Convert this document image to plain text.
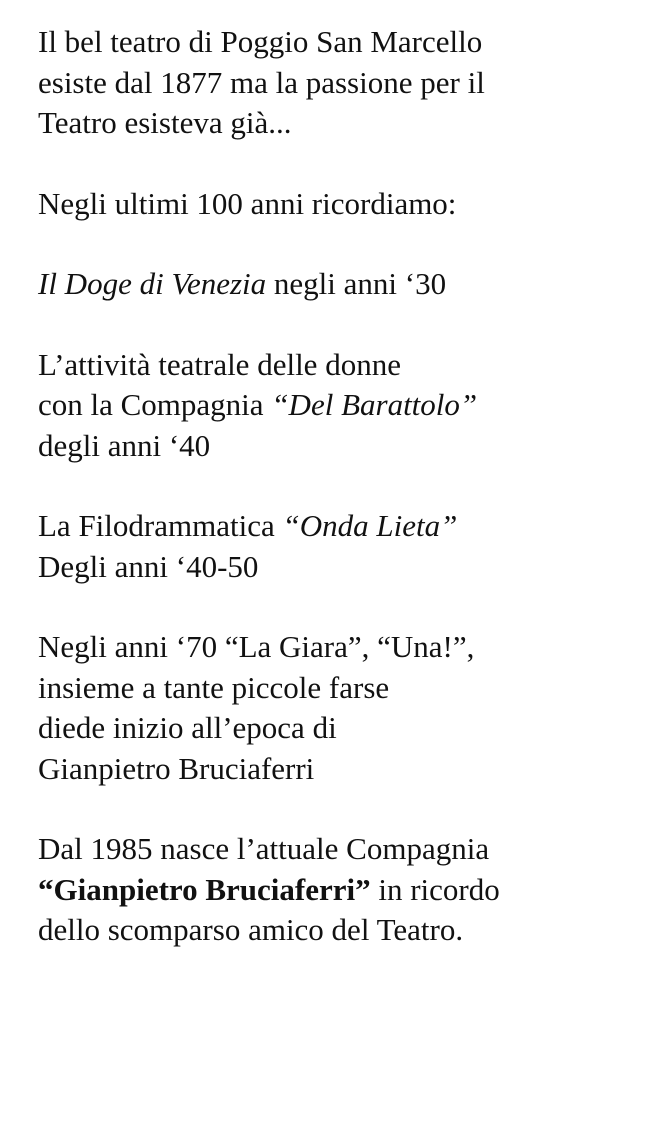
Il bel teatro di Poggio San Marcello
esiste dal 1877 ma la passione per il
Teatro esisteva già...

Negli ultimi 100 anni ricordiamo:

Il Doge di Venezia negli anni ‘30

L’attività teatrale delle donne
con la Compagnia “Del Barattolo”
degli anni ‘40

La Filodrammatica “Onda Lieta”
Degli anni ‘40-50

Negli anni ‘70 “La Giara”, “Una!”,
insieme a tante piccole farse
diede inizio all’epoca di
Gianpietro Bruciaferri

Dal 1985 nasce l’attuale Compagnia
“Gianpietro Bruciaferri” in ricordo
dello scomparso amico del Teatro.
